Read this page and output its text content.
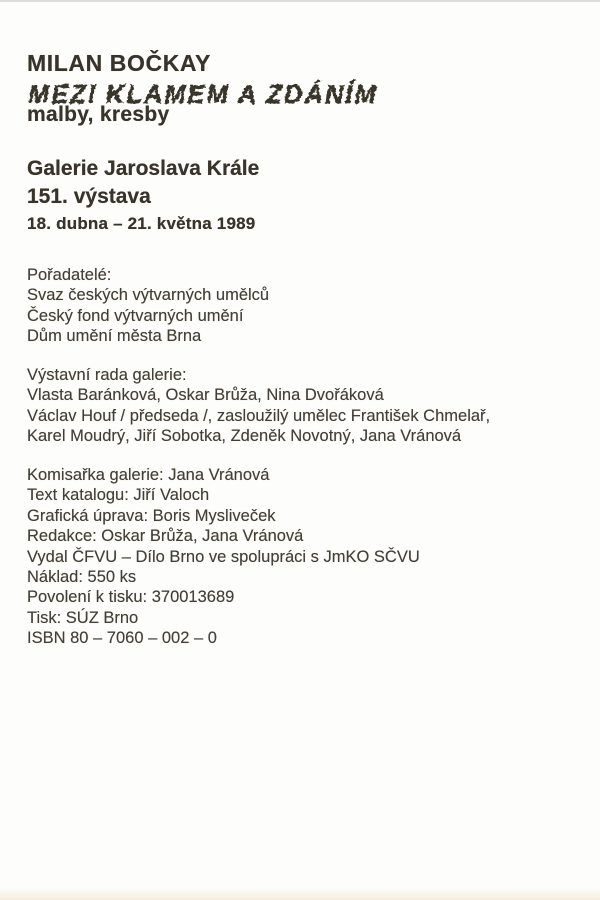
MILAN BOČKAY
MEZI KLAMEM A ZDÁNÍM
malby, kresby
Galerie Jaroslava Krále
151. výstava
18. dubna – 21. května 1989
Pořadatelé:
Svaz českých výtvarných umělců
Český fond výtvarných umění
Dům umění města Brna
Výstavní rada galerie:
Vlasta Baránková, Oskar Brůža, Nina Dvořáková
Václav Houf / předseda /, zasloužilý umělec František Chmelař,
Karel Moudrý, Jiří Sobotka, Zdeněk Novotný, Jana Vránová
Komisařka galerie: Jana Vránová
Text katalogu: Jiří Valoch
Grafická úprava: Boris Mysliveček
Redakce: Oskar Brůža, Jana Vránová
Vydal ČFVU – Dílo Brno ve spolupráci s JmKO SČVU
Náklad: 550 ks
Povolení k tisku: 370013689
Tisk: SÚZ Brno
ISBN 80 – 7060 – 002 – 0
